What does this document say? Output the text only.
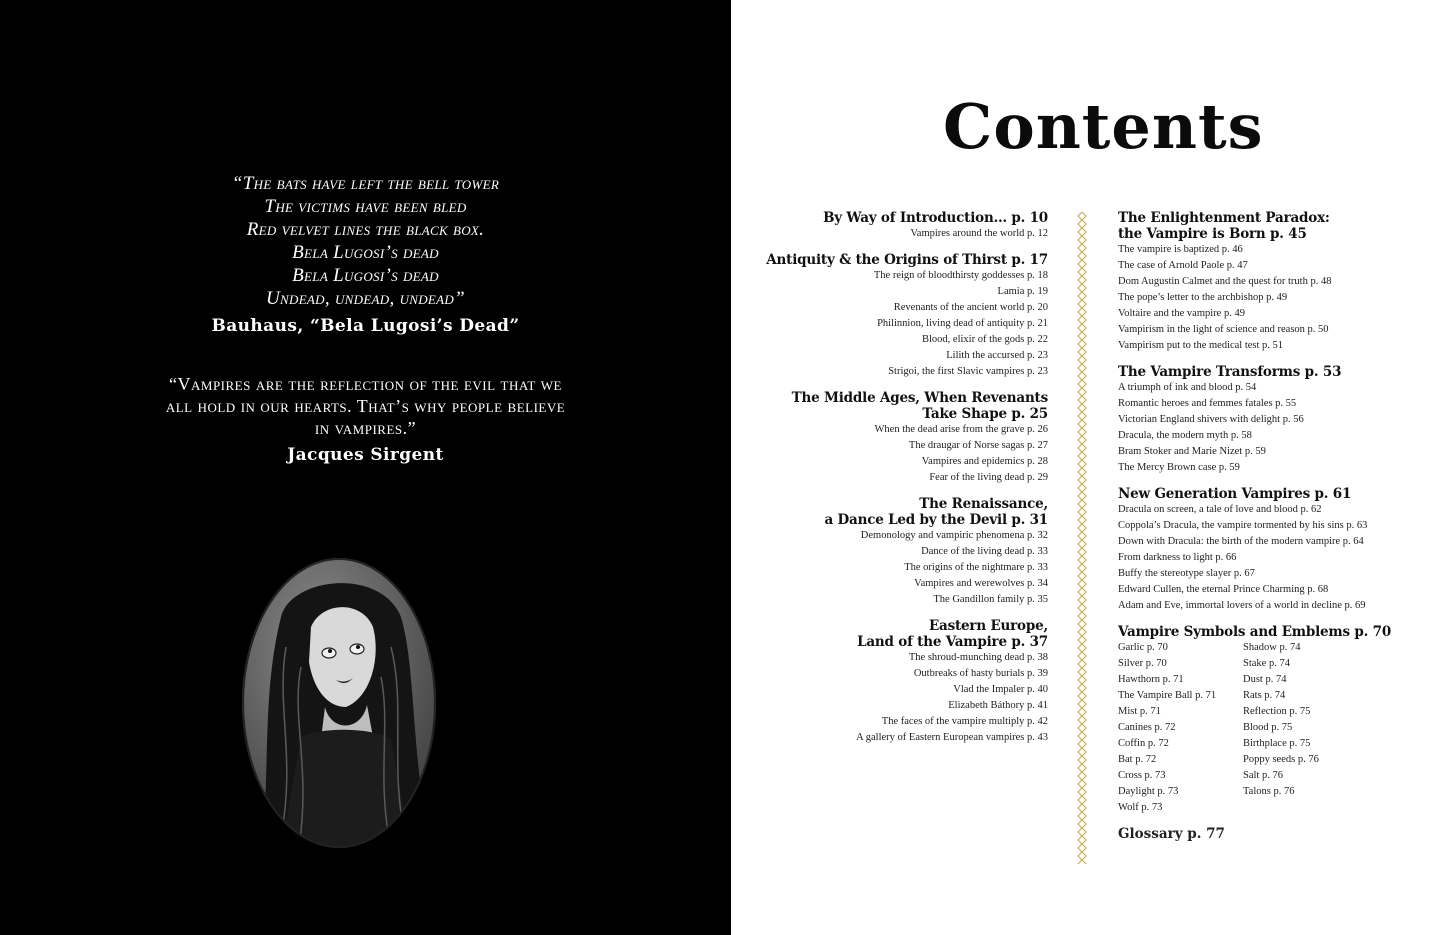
“The bats have left the bell tower
The victims have been bled
Red velvet lines the black box.
Bela Lugosi’s dead
Bela Lugosi’s dead
Undead, undead, undead”
Bauhaus, “Bela Lugosi’s Dead”
“Vampires are the reflection of the evil that we
all hold in our hearts. That’s why people believe
in vampires.”
Jacques Sirgent
Contents
By Way of Introduction… p. 10
Vampires around the world p. 12
Antiquity & the Origins of Thirst p. 17
The reign of bloodthirsty goddesses p. 18
Lamia p. 19
Revenants of the ancient world p. 20
Philinnion, living dead of antiquity p. 21
Blood, elixir of the gods p. 22
Lilith the accursed p. 23
Strigoi, the first Slavic vampires p. 23
The Middle Ages, When Revenants
Take Shape p. 25
When the dead arise from the grave p. 26
The draugar of Norse sagas p. 27
Vampires and epidemics p. 28
Fear of the living dead p. 29
The Renaissance,
a Dance Led by the Devil p. 31
Demonology and vampiric phenomena p. 32
Dance of the living dead p. 33
The origins of the nightmare p. 33
Vampires and werewolves p. 34
The Gandillon family p. 35
Eastern Europe,
Land of the Vampire p. 37
The shroud-munching dead p. 38
Outbreaks of hasty burials p. 39
Vlad the Impaler p. 40
Elizabeth Báthory p. 41
The faces of the vampire multiply p. 42
A gallery of Eastern European vampires p. 43
The Enlightenment Paradox:
the Vampire is Born p. 45
The vampire is baptized p. 46
The case of Arnold Paole p. 47
Dom Augustin Calmet and the quest for truth p. 48
The pope’s letter to the archbishop p. 49
Voltaire and the vampire p. 49
Vampirism in the light of science and reason p. 50
Vampirism put to the medical test p. 51
The Vampire Transforms p. 53
A triumph of ink and blood p. 54
Romantic heroes and femmes fatales p. 55
Victorian England shivers with delight p. 56
Dracula, the modern myth p. 58
Bram Stoker and Marie Nizet p. 59
The Mercy Brown case p. 59
New Generation Vampires p. 61
Dracula on screen, a tale of love and blood p. 62
Coppola’s Dracula, the vampire tormented by his sins p. 63
Down with Dracula: the birth of the modern vampire p. 64
From darkness to light p. 66
Buffy the stereotype slayer p. 67
Edward Cullen, the eternal Prince Charming p. 68
Adam and Eve, immortal lovers of a world in decline p. 69
Vampire Symbols and Emblems p. 70
Garlic p. 70
Silver p. 70
Hawthorn p. 71
The Vampire Ball p. 71
Mist p. 71
Canines p. 72
Coffin p. 72
Bat p. 72
Cross p. 73
Daylight p. 73
Wolf p. 73
Shadow p. 74
Stake p. 74
Dust p. 74
Rats p. 74
Reflection p. 75
Blood p. 75
Birthplace p. 75
Poppy seeds p. 76
Salt p. 76
Talons p. 76
Glossary p. 77
